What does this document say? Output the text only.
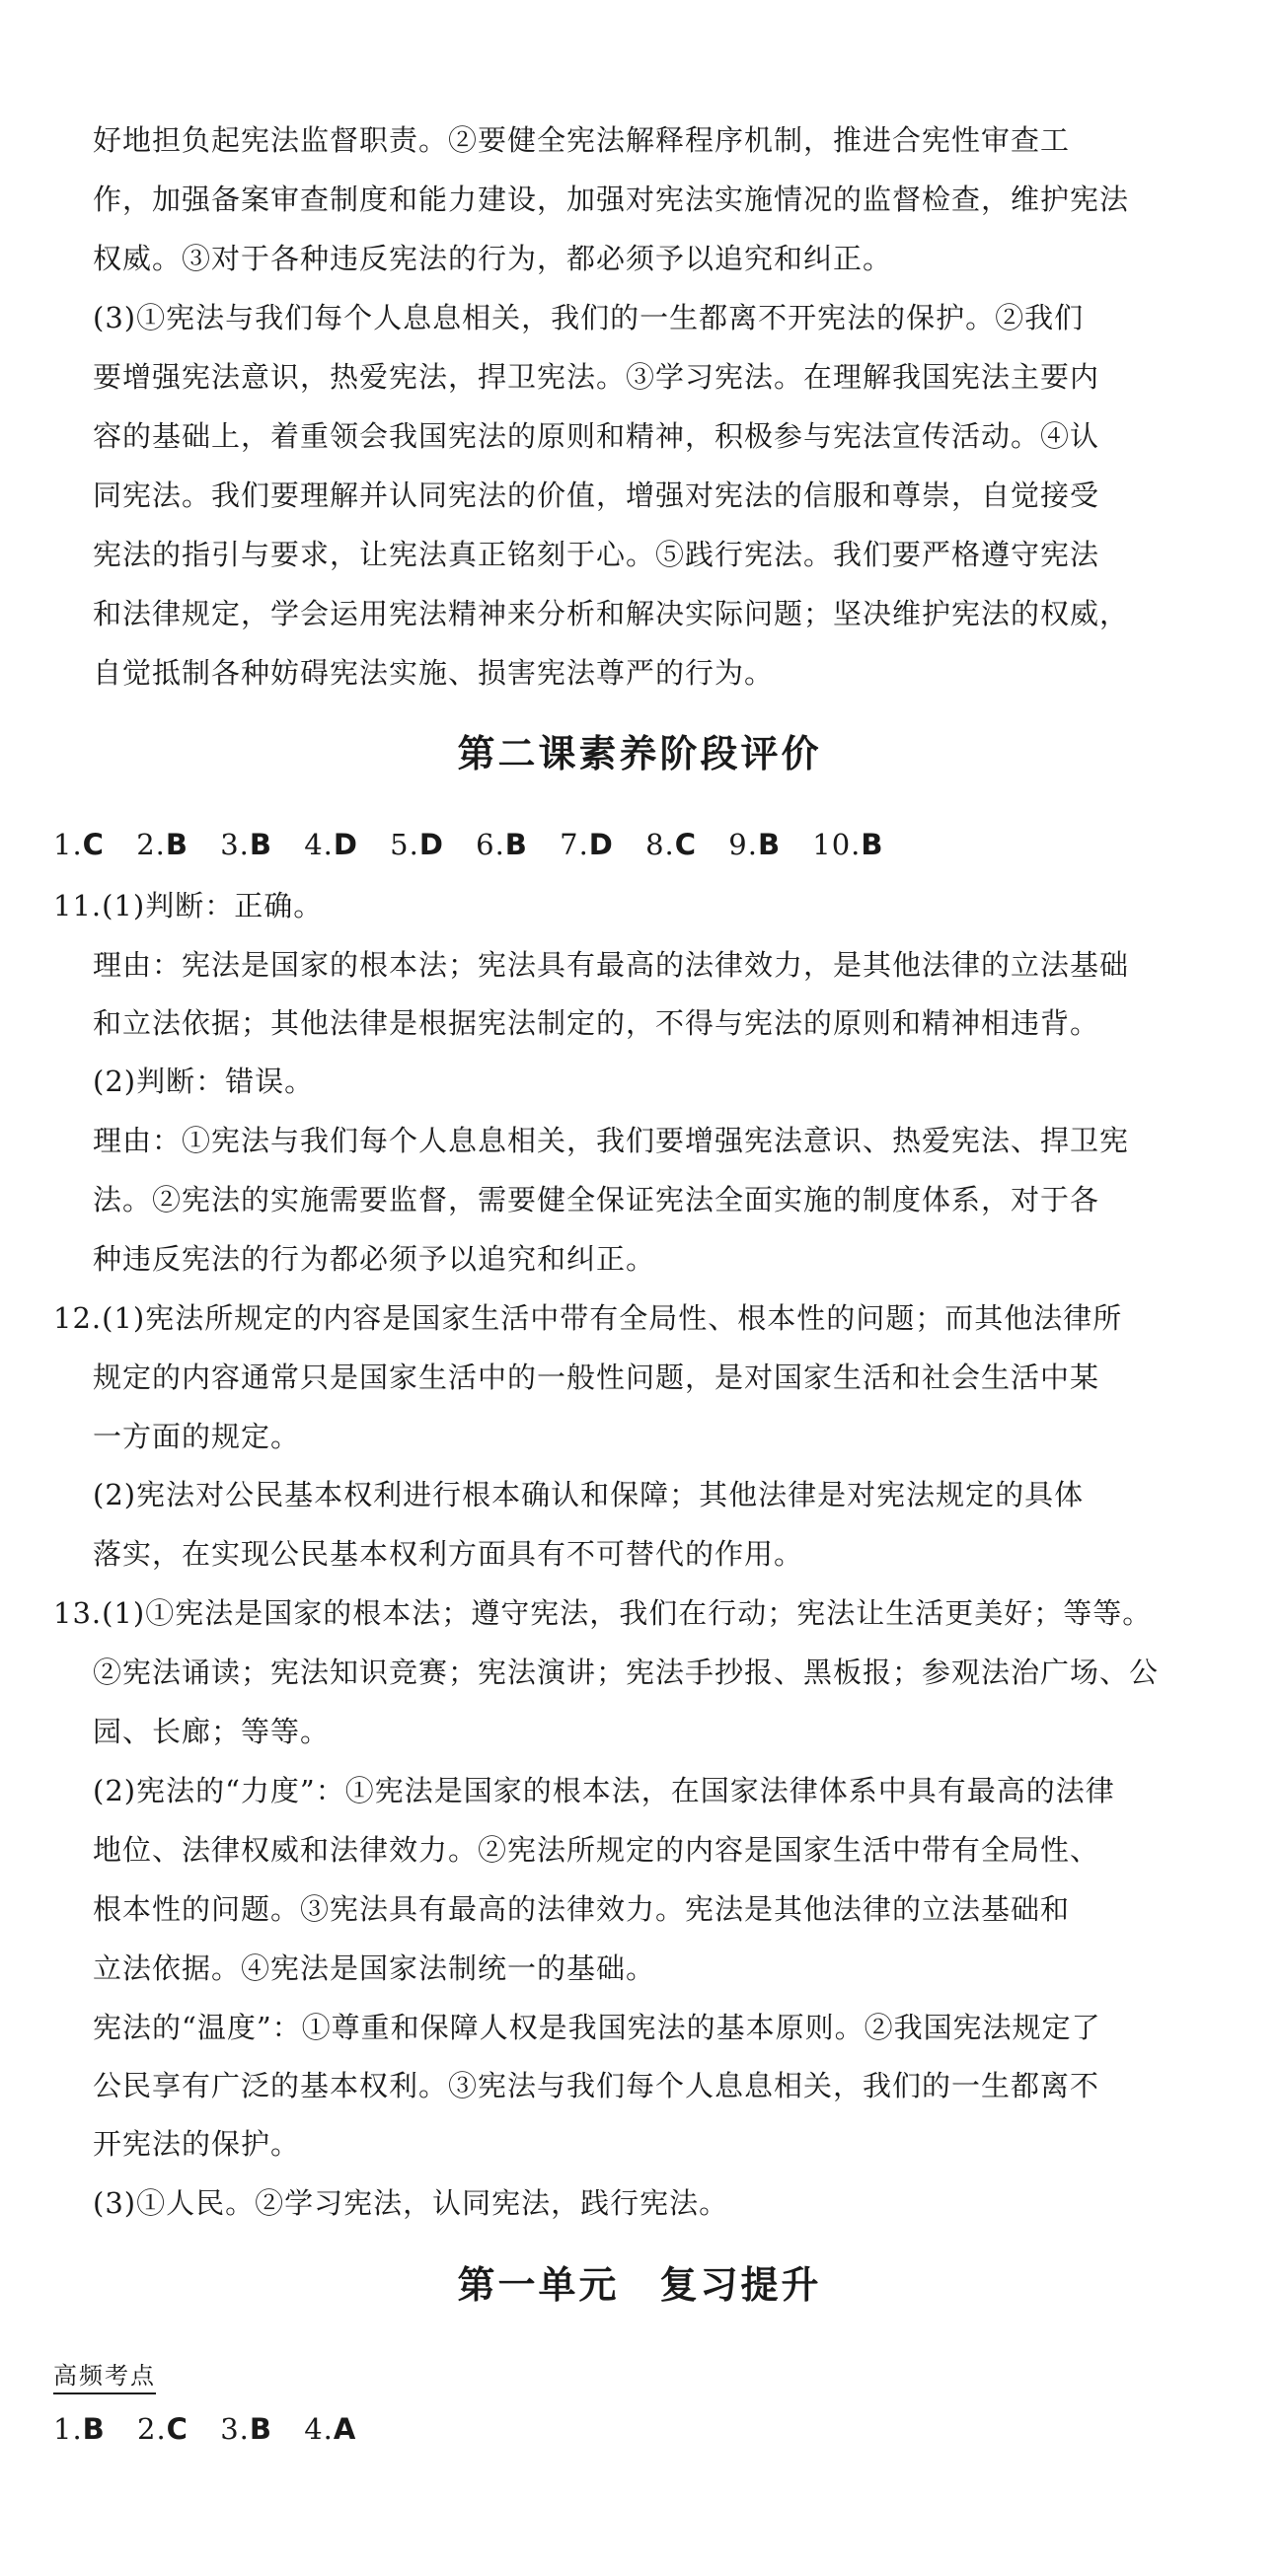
好地担负起宪法监督职责。②要健全宪法解释程序机制，推进合宪性审查工
作，加强备案审查制度和能力建设，加强对宪法实施情况的监督检查，维护宪法
权威。③对于各种违反宪法的行为，都必须予以追究和纠正。
(3)①宪法与我们每个人息息相关，我们的一生都离不开宪法的保护。②我们
要增强宪法意识，热爱宪法，捍卫宪法。③学习宪法。在理解我国宪法主要内
容的基础上，着重领会我国宪法的原则和精神，积极参与宪法宣传活动。④认
同宪法。我们要理解并认同宪法的价值，增强对宪法的信服和尊崇，自觉接受
宪法的指引与要求，让宪法真正铭刻于心。⑤践行宪法。我们要严格遵守宪法
和法律规定，学会运用宪法精神来分析和解决实际问题；坚决维护宪法的权威，
自觉抵制各种妨碍宪法实施、损害宪法尊严的行为。
第二课素养阶段评价
1.C 2.B 3.B 4.D 5.D 6.B 7.D 8.C 9.B 10.B
11.(1)判断：正确。
理由：宪法是国家的根本法；宪法具有最高的法律效力，是其他法律的立法基础
和立法依据；其他法律是根据宪法制定的，不得与宪法的原则和精神相违背。
(2)判断：错误。
理由：①宪法与我们每个人息息相关，我们要增强宪法意识、热爱宪法、捍卫宪
法。②宪法的实施需要监督，需要健全保证宪法全面实施的制度体系，对于各
种违反宪法的行为都必须予以追究和纠正。
12.(1)宪法所规定的内容是国家生活中带有全局性、根本性的问题；而其他法律所
规定的内容通常只是国家生活中的一般性问题，是对国家生活和社会生活中某
一方面的规定。
(2)宪法对公民基本权利进行根本确认和保障；其他法律是对宪法规定的具体
落实，在实现公民基本权利方面具有不可替代的作用。
13.(1)①宪法是国家的根本法；遵守宪法，我们在行动；宪法让生活更美好；等等。
②宪法诵读；宪法知识竞赛；宪法演讲；宪法手抄报、黑板报；参观法治广场、公
园、长廊；等等。
(2)宪法的“力度”：①宪法是国家的根本法，在国家法律体系中具有最高的法律
地位、法律权威和法律效力。②宪法所规定的内容是国家生活中带有全局性、
根本性的问题。③宪法具有最高的法律效力。宪法是其他法律的立法基础和
立法依据。④宪法是国家法制统一的基础。
宪法的“温度”：①尊重和保障人权是我国宪法的基本原则。②我国宪法规定了
公民享有广泛的基本权利。③宪法与我们每个人息息相关，我们的一生都离不
开宪法的保护。
(3)①人民。②学习宪法，认同宪法，践行宪法。
第一单元　复习提升
高频考点
1.B 2.C 3.B 4.A
